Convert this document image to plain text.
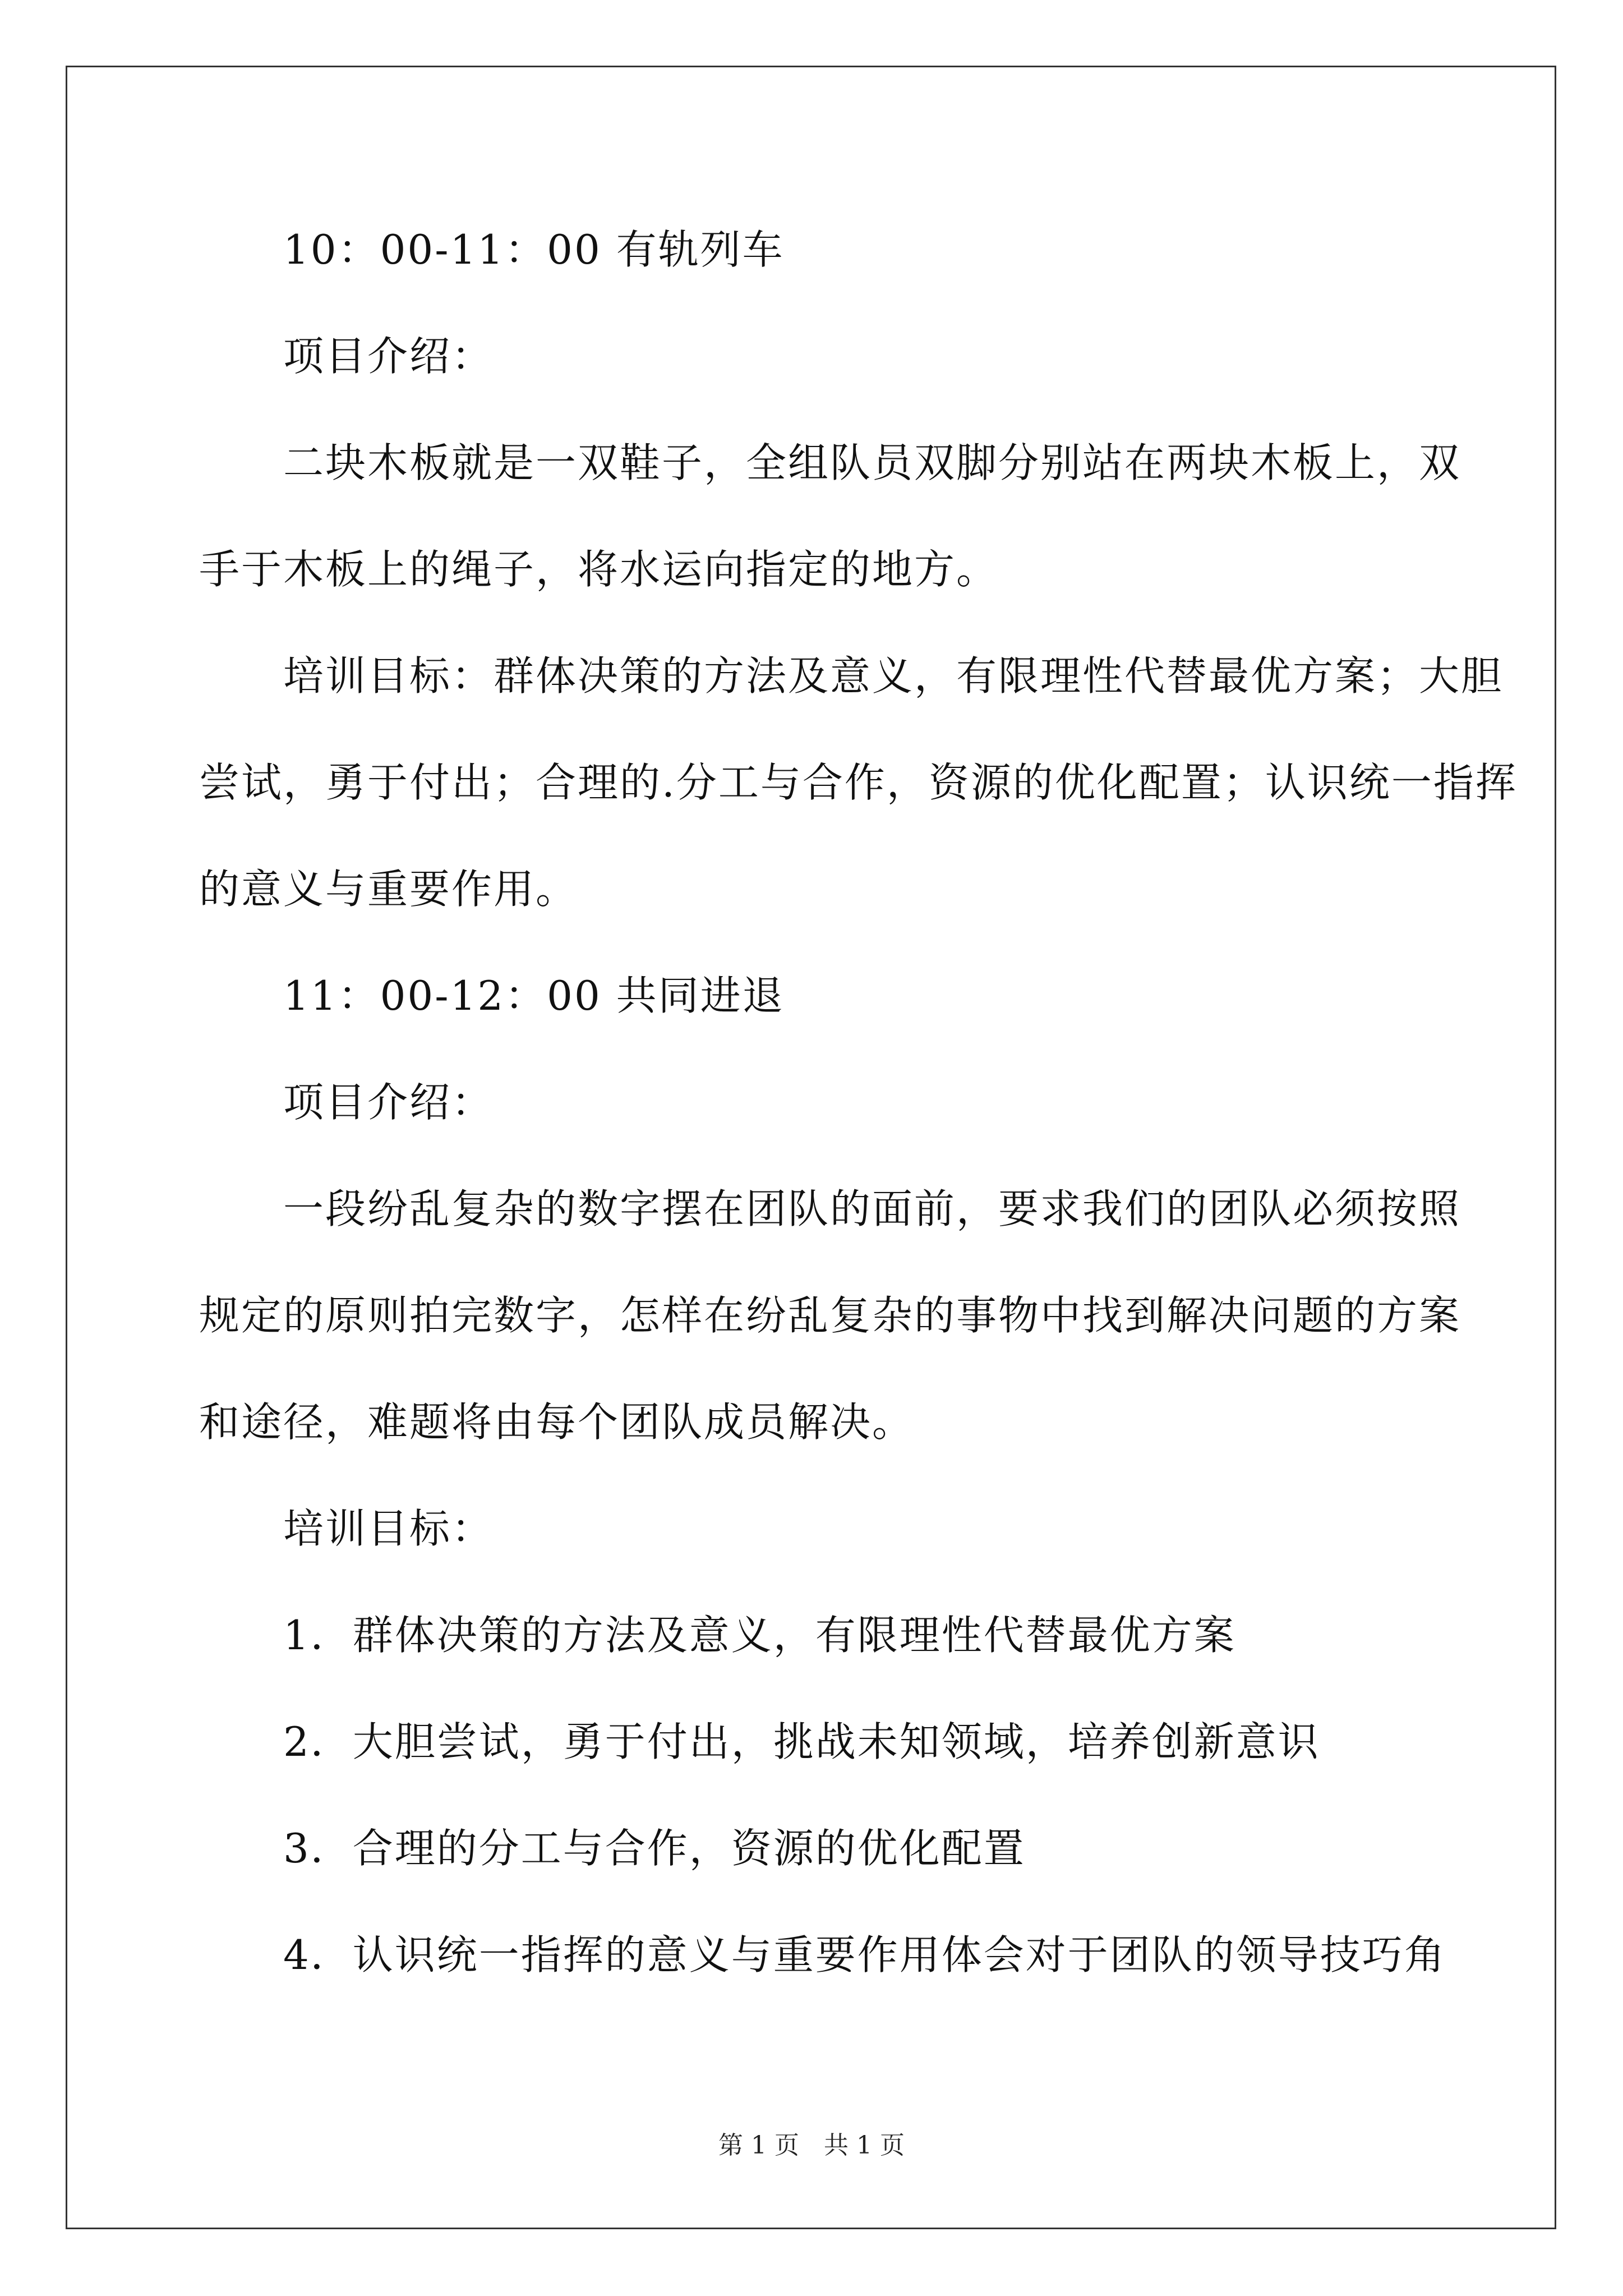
10：00-11：00 有轨列车
项目介绍：
二块木板就是一双鞋子，全组队员双脚分别站在两块木板上，双
手于木板上的绳子，将水运向指定的地方。
培训目标：群体决策的方法及意义，有限理性代替最优方案；大胆
尝试，勇于付出；合理的.分工与合作，资源的优化配置；认识统一指挥
的意义与重要作用。
11：00-12：00 共同进退
项目介绍：
一段纷乱复杂的数字摆在团队的面前，要求我们的团队必须按照
规定的原则拍完数字，怎样在纷乱复杂的事物中找到解决问题的方案
和途径，难题将由每个团队成员解决。
培训目标：
1．群体决策的方法及意义，有限理性代替最优方案
2．大胆尝试，勇于付出，挑战未知领域，培养创新意识
3．合理的分工与合作，资源的优化配置
4．认识统一指挥的意义与重要作用体会对于团队的领导技巧角
第 1 页　共 1 页
